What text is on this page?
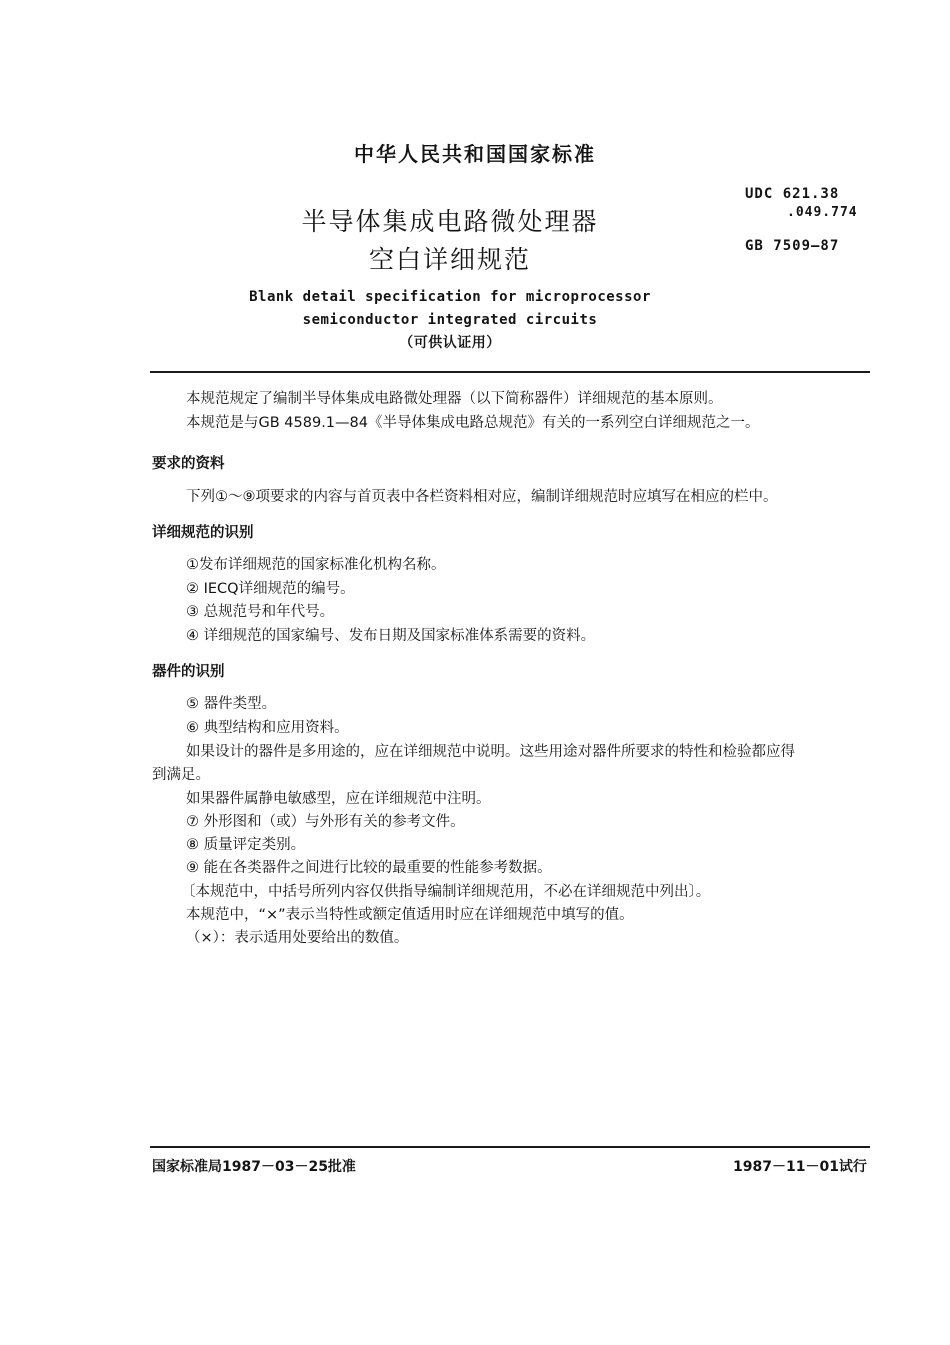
中华人民共和国国家标准
半导体集成电路微处理器
空白详细规范
UDC 621.38
.049.774
GB 7509—87
Blank detail specification for microprocessor
semiconductor integrated circuits
（可供认证用）
本规范规定了编制半导体集成电路微处理器（以下简称器件）详细规范的基本原则。
本规范是与GB 4589.1—84《半导体集成电路总规范》有关的一系列空白详细规范之一。
要求的资料
下列①～⑨项要求的内容与首页表中各栏资料相对应，编制详细规范时应填写在相应的栏中。
详细规范的识别
①发布详细规范的国家标准化机构名称。
② IECQ详细规范的编号。
③ 总规范号和年代号。
④ 详细规范的国家编号、发布日期及国家标准体系需要的资料。
器件的识别
⑤ 器件类型。
⑥ 典型结构和应用资料。
如果设计的器件是多用途的，应在详细规范中说明。这些用途对器件所要求的特性和检验都应得
到满足。
如果器件属静电敏感型，应在详细规范中注明。
⑦ 外形图和（或）与外形有关的参考文件。
⑧ 质量评定类别。
⑨ 能在各类器件之间进行比较的最重要的性能参考数据。
〔本规范中，中括号所列内容仅供指导编制详细规范用，不必在详细规范中列出〕。
本规范中，“×”表示当特性或额定值适用时应在详细规范中填写的值。
（×）：表示适用处要给出的数值。
国家标准局1987－03－25批准	1987－11－01试行
